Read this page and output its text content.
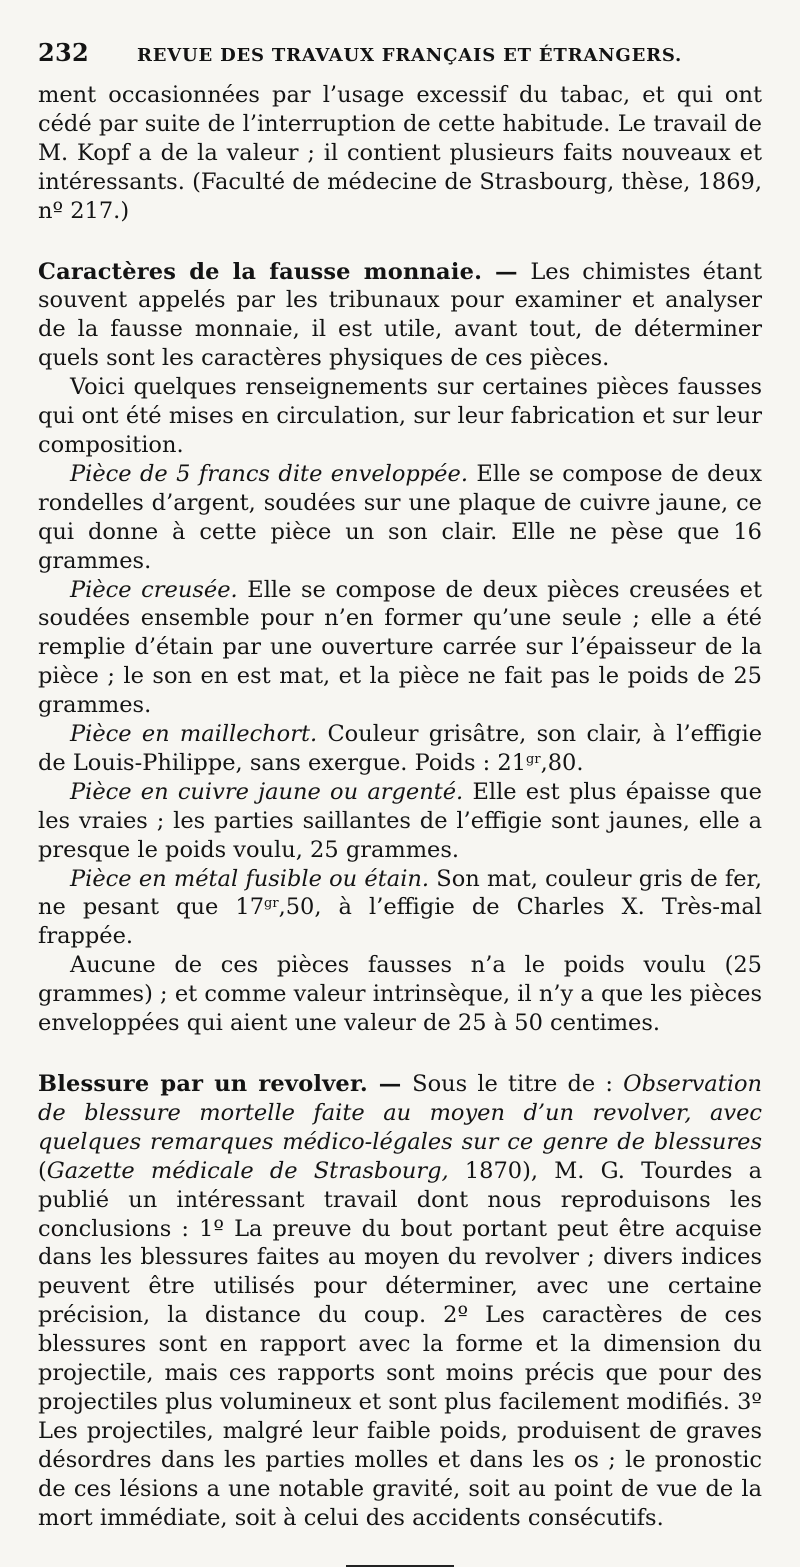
232	REVUE DES TRAVAUX FRANÇAIS ET ÉTRANGERS.

ment occasionnées par l’usage excessif du tabac, et qui ont cédé par suite de l’interruption de cette habitude. Le travail de M. Kopf a de la valeur ; il contient plusieurs faits nouveaux et intéressants. (Faculté de médecine de Strasbourg, thèse, 1869, nº 217.)

Caractères de la fausse monnaie. — Les chimistes étant souvent appelés par les tribunaux pour examiner et analyser de la fausse monnaie, il est utile, avant tout, de déterminer quels sont les caractères physiques de ces pièces.

Voici quelques renseignements sur certaines pièces fausses qui ont été mises en circulation, sur leur fabrication et sur leur composition.

Pièce de 5 francs dite enveloppée. Elle se compose de deux rondelles d’argent, soudées sur une plaque de cuivre jaune, ce qui donne à cette pièce un son clair. Elle ne pèse que 16 grammes.

Pièce creusée. Elle se compose de deux pièces creusées et soudées ensemble pour n’en former qu’une seule ; elle a été remplie d’étain par une ouverture carrée sur l’épaisseur de la pièce ; le son en est mat, et la pièce ne fait pas le poids de 25 grammes.

Pièce en maillechort. Couleur grisâtre, son clair, à l’effigie de Louis-Philippe, sans exergue. Poids : $21^{gr},80$.

Pièce en cuivre jaune ou argenté. Elle est plus épaisse que les vraies ; les parties saillantes de l’effigie sont jaunes, elle a presque le poids voulu, 25 grammes.

Pièce en métal fusible ou étain. Son mat, couleur gris de fer, ne pesant que $17^{gr},50$, à l’effigie de Charles X. Très-mal frappée.

Aucune de ces pièces fausses n’a le poids voulu (25 grammes) ; et comme valeur intrinsèque, il n’y a que les pièces enveloppées qui aient une valeur de 25 à 50 centimes.

Blessure par un revolver. — Sous le titre de : Observation de blessure mortelle faite au moyen d’un revolver, avec quelques remarques médico-légales sur ce genre de blessures (Gazette médicale de Strasbourg, 1870), M. G. Tourdes a publié un intéressant travail dont nous reproduisons les conclusions : 1º La preuve du bout portant peut être acquise dans les blessures faites au moyen du revolver ; divers indices peuvent être utilisés pour déterminer, avec une certaine précision, la distance du coup. 2º Les caractères de ces blessures sont en rapport avec la forme et la dimension du projectile, mais ces rapports sont moins précis que pour des projectiles plus volumineux et sont plus facilement modifiés. 3º Les projectiles, malgré leur faible poids, produisent de graves désordres dans les parties molles et dans les os ; le pronostic de ces lésions a une notable gravité, soit au point de vue de la mort immédiate, soit à celui des accidents consécutifs.
